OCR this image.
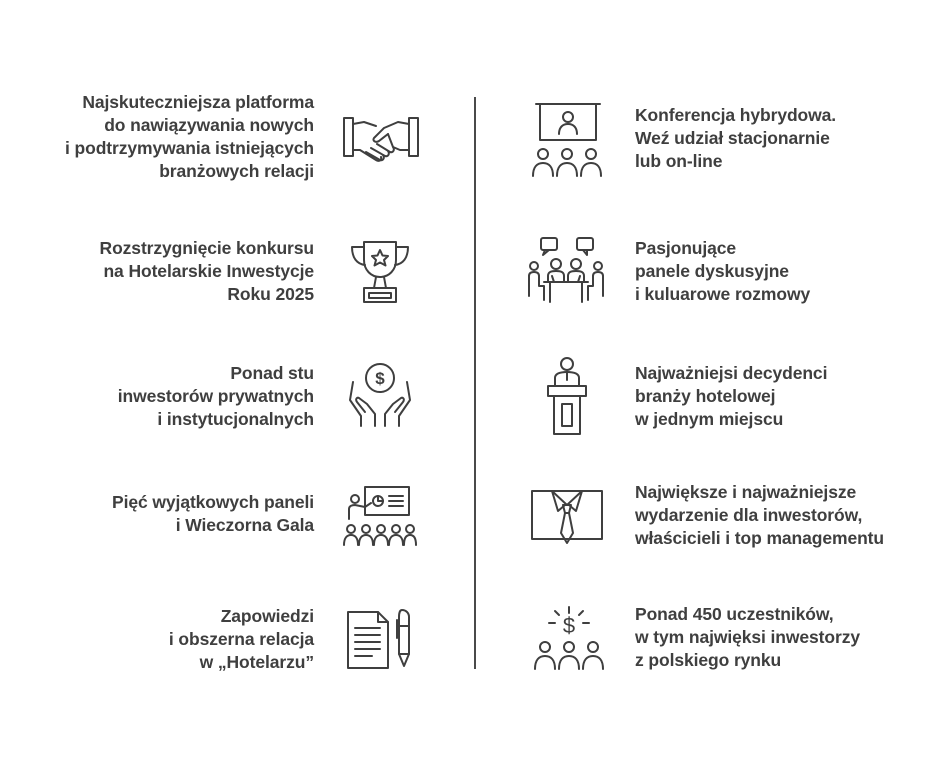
Najskuteczniejsza platforma
do nawiązywania nowych
i podtrzymywania istniejących
branżowych relacji
Rozstrzygnięcie konkursu
na Hotelarskie Inwestycje
Roku 2025
Ponad stu
inwestorów prywatnych
i instytucjonalnych
$
Pięć wyjątkowych paneli
i Wieczorna Gala
Zapowiedzi
i obszerna relacja
w „Hotelarzu”
Konferencja hybrydowa.
Weź udział stacjonarnie
lub on-line
Pasjonujące
panele dyskusyjne
i kuluarowe rozmowy
Najważniejsi decydenci
branży hotelowej
w jednym miejscu
Największe i najważniejsze
wydarzenie dla inwestorów,
właścicieli i top managementu
$	Ponad 450 uczestników,
w tym najwięksi inwestorzy
z polskiego rynku
